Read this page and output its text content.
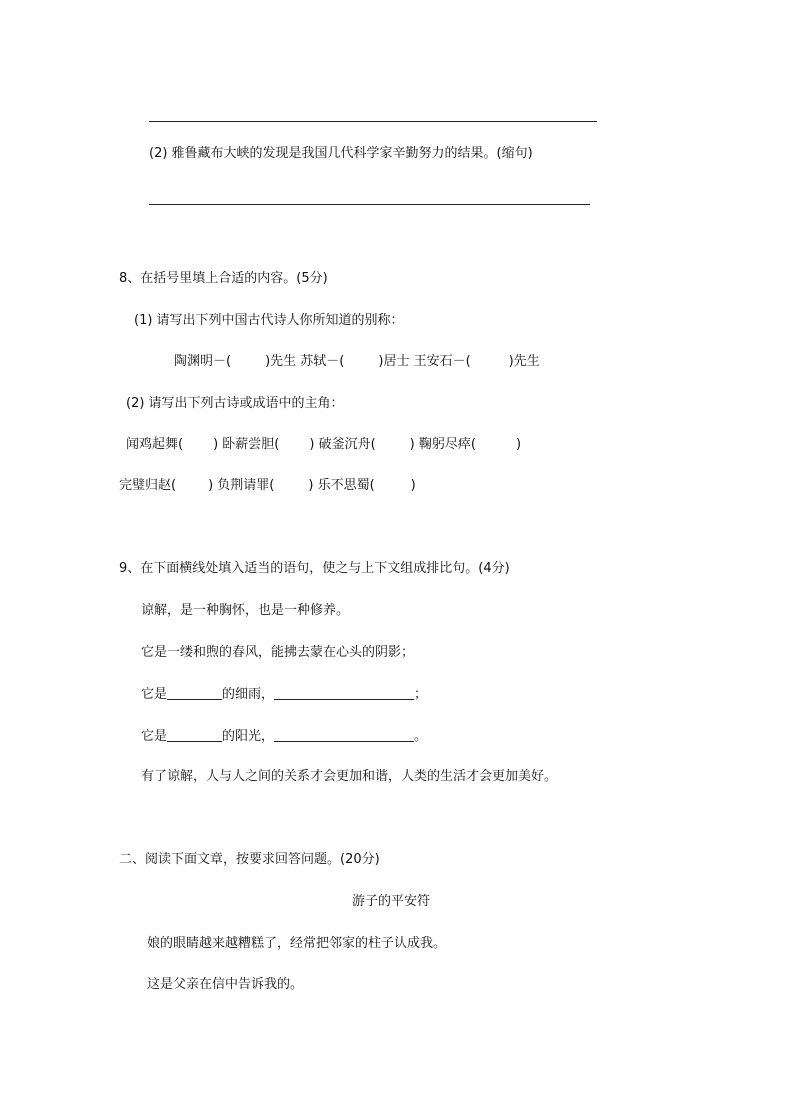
(2) 雅鲁藏布大峡的发现是我国几代科学家辛勤努力的结果。(缩句)
8、在括号里填上合适的内容。(5分)
(1) 请写出下列中国古代诗人你所知道的别称：
陶渊明－(	)先生 苏轼－(	)居士 王安石－(	)先生
(2) 请写出下列古诗或成语中的主角：
闻鸡起舞( ) 卧薪尝胆( ) 破釜沉舟(	) 鞠躬尽瘁(	)
完璧归赵( ) 负荆请罪(	) 乐不思蜀(	)
9、在下面横线处填入适当的语句，使之与上下文组成排比句。(4分)
谅解，是一种胸怀，也是一种修养。
它是一缕和煦的春风，能拂去蒙在心头的阴影；
它是	的细雨，	；
它是	的阳光，	。
有了谅解，人与人之间的关系才会更加和谐，人类的生活才会更加美好。
二、阅读下面文章，按要求回答问题。(20分)
游子的平安符
娘的眼睛越来越糟糕了，经常把邻家的柱子认成我。
这是父亲在信中告诉我的。
